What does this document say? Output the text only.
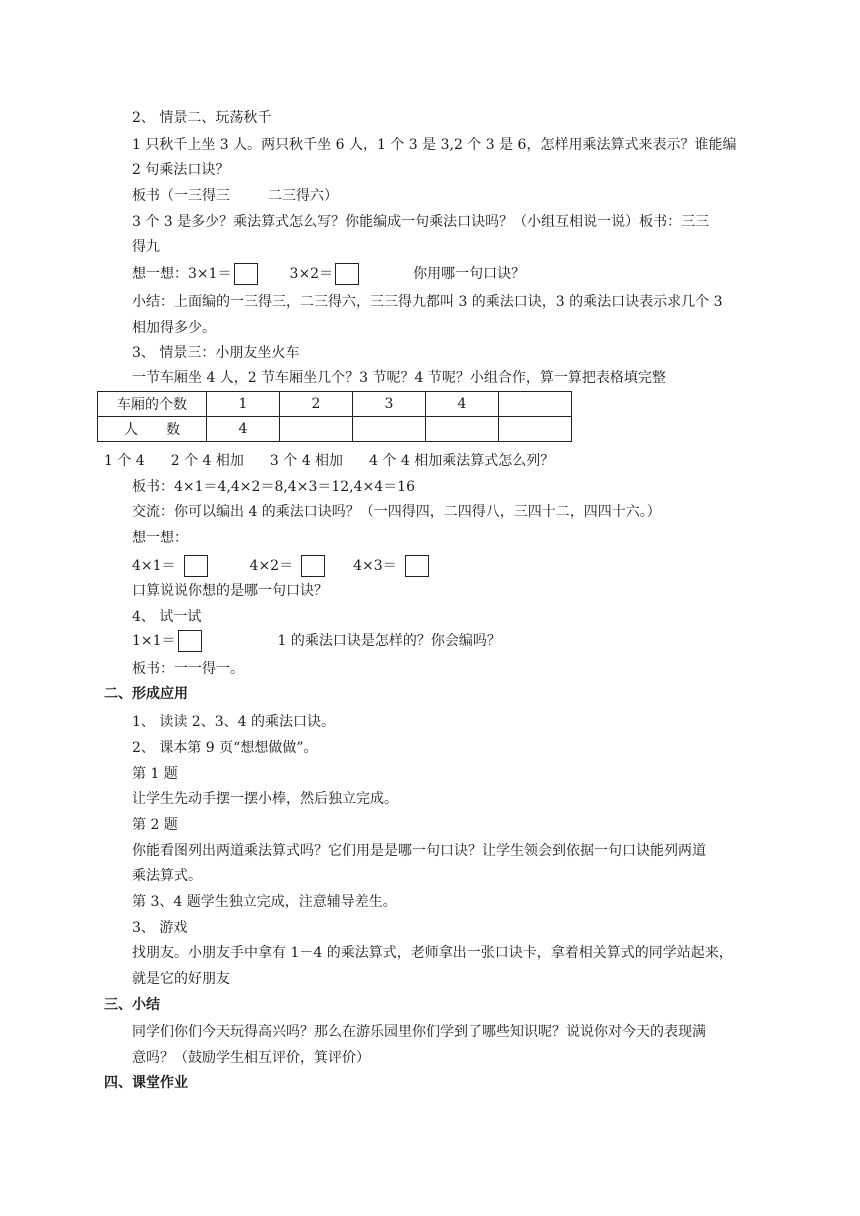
2、 情景二、玩荡秋千
1 只秋千上坐 3 人。两只秋千坐 6 人，1 个 3 是 3,2 个 3 是 6，怎样用乘法算式来表示？谁能编
2 句乘法口诀？
板书（一三得三	二三得六）
3 个 3 是多少？乘法算式怎么写？你能编成一句乘法口诀吗？（小组互相说一说）板书：三三
得九
想一想：3×1＝	3×2＝	你用哪一句口诀？
小结：上面编的一三得三，二三得六，三三得九都叫 3 的乘法口诀，3 的乘法口诀表示求几个 3
相加得多少。
3、 情景三：小朋友坐火车
一节车厢坐 4 人，2 节车厢坐几个？3 节呢？4 节呢？小组合作，算一算把表格填完整
车厢的个数	1	2	3	4	
人　　数	4				
1 个 4 2 个 4 相加 3 个 4 相加 4 个 4 相加乘法算式怎么列？
板书：4×1＝4,4×2＝8,4×3＝12,4×4＝16
交流：你可以编出 4 的乘法口诀吗？（一四得四，二四得八，三四十二，四四十六。）
想一想：
4×1＝	4×2＝	4×3＝
口算说说你想的是哪一句口诀？
4、 试一试
1×1＝	1 的乘法口诀是怎样的？你会编吗？
板书：一一得一。
二、形成应用
1、 读读 2、3、4 的乘法口诀。
2、 课本第 9 页“想想做做”。
第 1 题
让学生先动手摆一摆小棒，然后独立完成。
第 2 题
你能看图列出两道乘法算式吗？它们用是是哪一句口诀？让学生领会到依据一句口诀能列两道
乘法算式。
第 3、4 题学生独立完成，注意辅导差生。
3、 游戏
找朋友。小朋友手中拿有 1－4 的乘法算式，老师拿出一张口诀卡，拿着相关算式的同学站起来，
就是它的好朋友
三、小结
同学们你们今天玩得高兴吗？那么在游乐园里你们学到了哪些知识呢？说说你对今天的表现满
意吗？（鼓励学生相互评价，箕评价）
四、课堂作业
